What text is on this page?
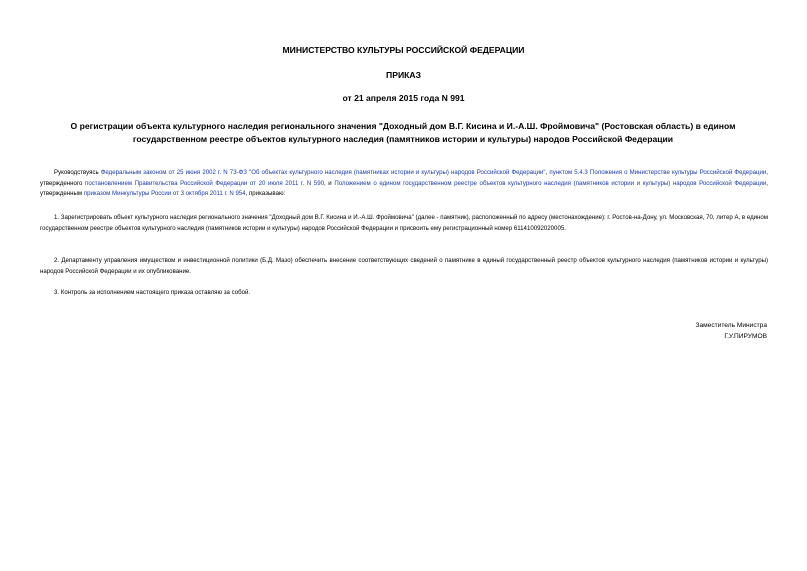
МИНИСТЕРСТВО КУЛЬТУРЫ РОССИЙСКОЙ ФЕДЕРАЦИИ
ПРИКАЗ
от 21 апреля 2015 года N 991
О регистрации объекта культурного наследия регионального значения "Доходный дом В.Г. Кисина и И.-А.Ш. Фроймовича" (Ростовская область) в едином
государственном реестре объектов культурного наследия (памятников истории и культуры) народов Российской Федерации
Руководствуясь Федеральным законом от 25 июня 2002 г. N 73-ФЗ "Об объектах культурного наследия (памятниках истории и культуры) народов Российской Федерации", пунктом 5.4.3 Положения о Министерстве культуры Российской Федерации, утвержденного постановлением Правительства Российской Федерации от 20 июля 2011 г. N 590, и Положением о едином государственном реестре объектов культурного наследия (памятников истории и культуры) народов Российской Федерации, утвержденным приказом Минкультуры России от 3 октября 2011 г. N 954, приказываю:
1. Зарегистрировать объект культурного наследия регионального значения "Доходный дом В.Г. Кисина и И.-А.Ш. Фроймовича" (далее - памятник), расположенный по адресу (местонахождение): г. Ростов-на-Дону, ул. Московская, 70, литер А, в едином государственном реестре объектов культурного наследия (памятников истории и культуры) народов Российской Федерации и присвоить ему регистрационный номер 611410092020005.
2. Департаменту управления имуществом и инвестиционной политики (Б.Д. Мазо) обеспечить внесение соответствующих сведений о памятнике в единый государственный реестр объектов культурного наследия (памятников истории и культуры) народов Российской Федерации и их опубликование.
3. Контроль за исполнением настоящего приказа оставляю за собой.
Заместитель Министра
Г.У.ПИРУМОВ
